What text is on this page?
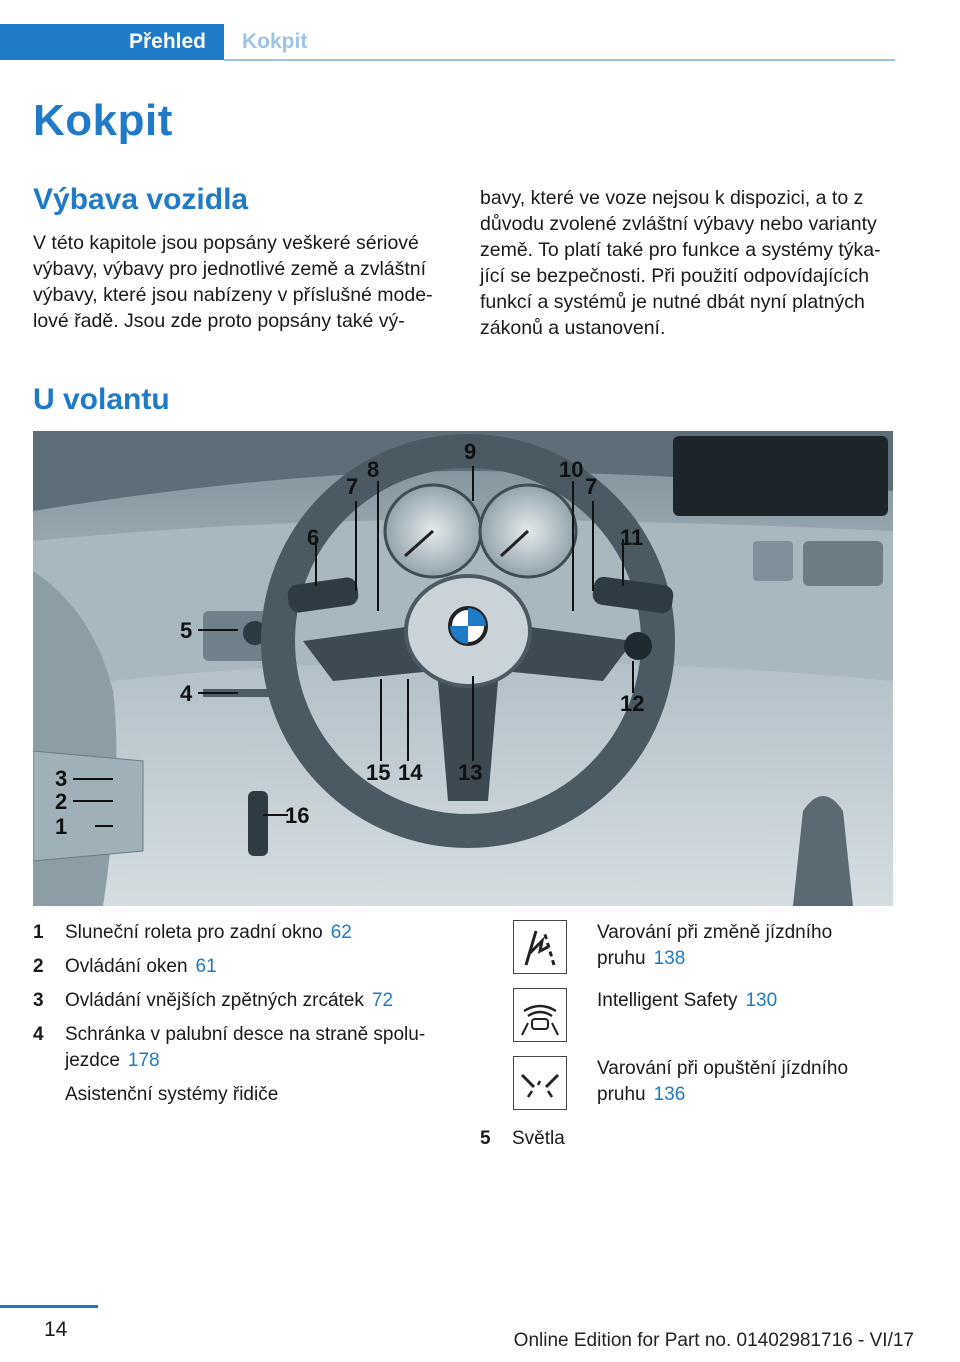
Přehled	Kokpit
Kokpit
Výbava vozidla

V této kapitole jsou popsány veškeré sériové

výbavy, výbavy pro jednotlivé země a zvláštní

výbavy, které jsou nabízeny v příslušné mode-

lové řadě. Jsou zde proto popsány také vý-

bavy, které ve voze nejsou k dispozici, a to z

důvodu zvolené zvláštní výbavy nebo varianty

země. To platí také pro funkce a systémy týka-

jící se bezpečnosti. Při použití odpovídajících

funkcí a systémů je nutné dbát nyní platných

zákonů a ustanovení.

U volantu
1
2
3
4
5
6
7
8
9
10
7
11
12
13
14
15
16
1 Sluneční roleta pro zadní okno 62
2 Ovládání oken 61
3 Ovládání vnějších zpětných zrcátek 72
4 Schránka v palubní desce na straně spolu-
jezdce 178
Asistenční systémy řidiče
Varování při změně jízdního
pruhu 138
Intelligent Safety 130
Varování při opuštění jízdního
pruhu 136
5 Světla
14	Online Edition for Part no. 01402981716 - VI/17
